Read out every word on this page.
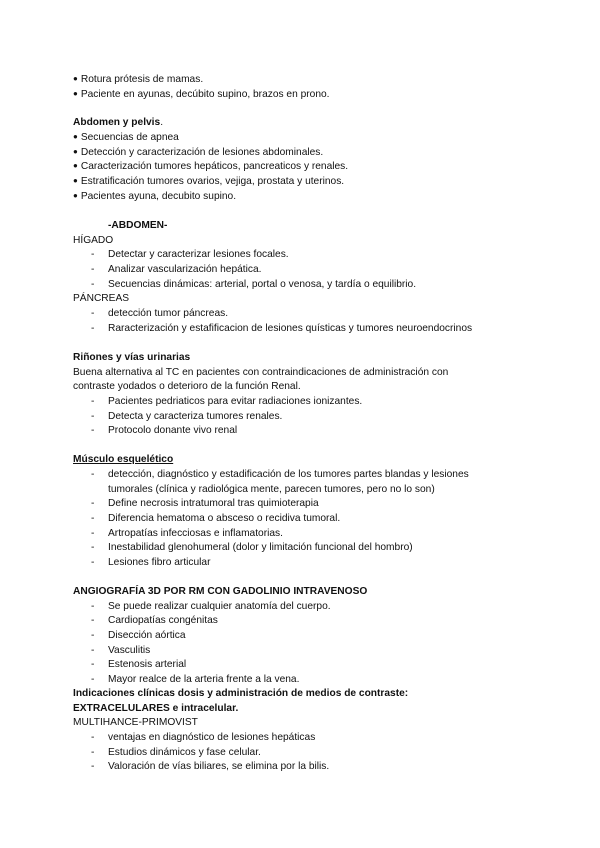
● Rotura prótesis de mamas.
● Paciente en ayunas, decúbito supino, brazos en prono.
Abdomen y pelvis.
● Secuencias de apnea
● Detección y caracterización de lesiones abdominales.
● Caracterización tumores hepáticos, pancreaticos y renales.
● Estratificación tumores ovarios, vejiga, prostata y uterinos.
● Pacientes ayuna, decubito supino.
-ABDOMEN-
HÍGADO
- Detectar y caracterizar lesiones focales.
- Analizar vascularización hepática.
- Secuencias dinámicas: arterial, portal o venosa, y tardía o equilibrio.
PÁNCREAS
- detección tumor páncreas.
- Raracterización y estafificacion de lesiones quísticas y tumores neuroendocrinos
Riñones y vías urinarias
Buena alternativa al TC en pacientes con contraindicaciones de administración con
contraste yodados o deterioro de la función Renal.
- Pacientes pedriaticos para evitar radiaciones ionizantes.
- Detecta y caracteriza tumores renales.
- Protocolo donante vivo renal
Músculo esquelético
- detección, diagnóstico y estadificación de los tumores partes blandas y lesiones
tumorales (clínica y radiológica mente, parecen tumores, pero no lo son)
- Define necrosis intratumoral tras quimioterapia
- Diferencia hematoma o absceso o recidiva tumoral.
- Artropatías infecciosas e inflamatorias.
- Inestabilidad glenohumeral (dolor y limitación funcional del hombro)
- Lesiones fibro articular
ANGIOGRAFÍA 3D POR RM CON GADOLINIO INTRAVENOSO
- Se puede realizar cualquier anatomía del cuerpo.
- Cardiopatías congénitas
- Disección aórtica
- Vasculitis
- Estenosis arterial
- Mayor realce de la arteria frente a la vena.
Indicaciones clínicas dosis y administración de medios de contraste:
EXTRACELULARES e intracelular.
MULTIHANCE-PRIMOVIST
- ventajas en diagnóstico de lesiones hepáticas
- Estudios dinámicos y fase celular.
- Valoración de vías biliares, se elimina por la bilis.
